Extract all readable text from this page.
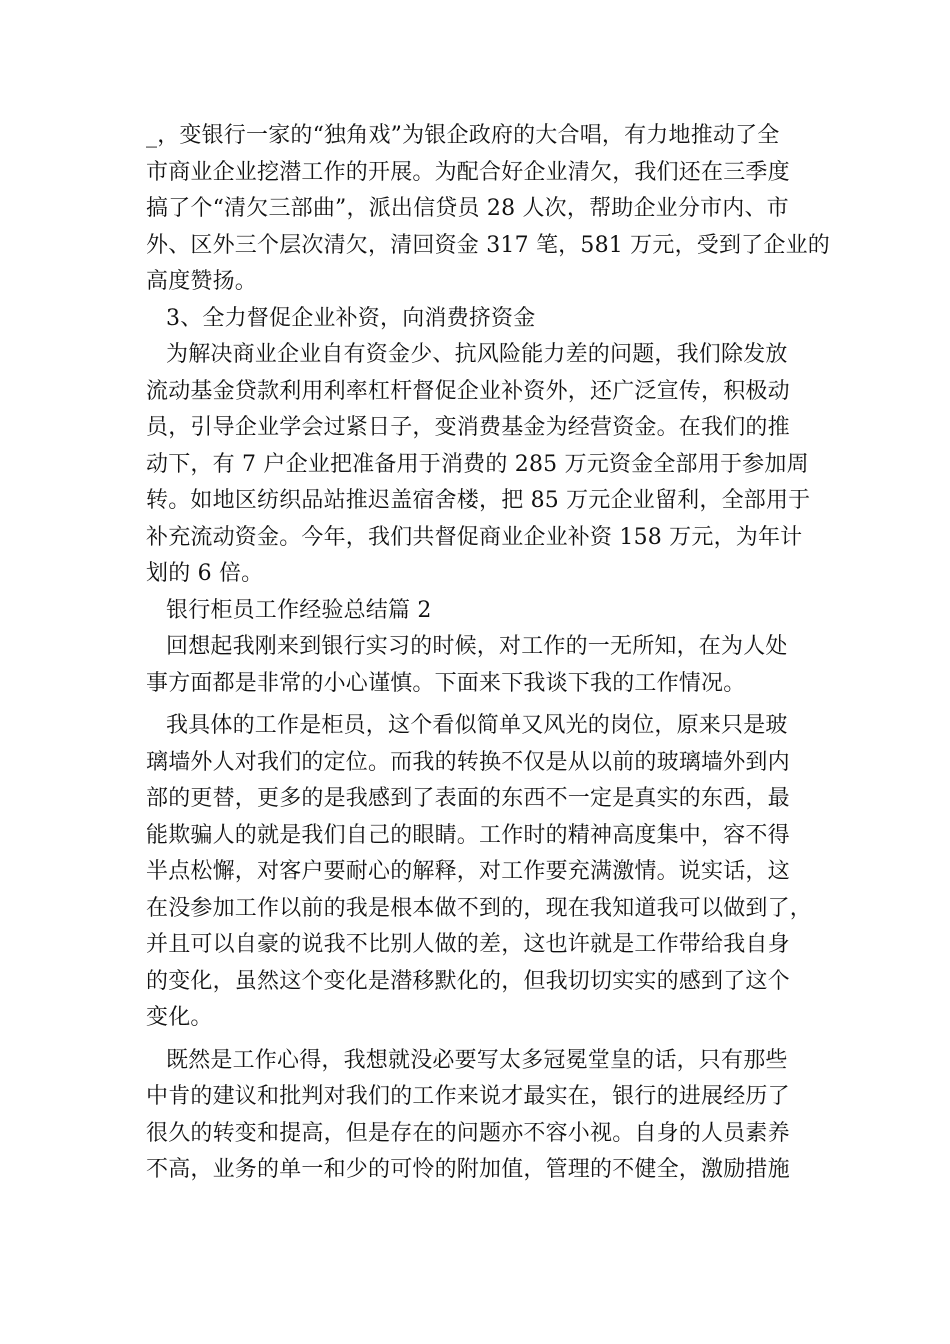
_，变银行一家的“独角戏”为银企政府的大合唱，有力地推动了全
市商业企业挖潜工作的开展。为配合好企业清欠，我们还在三季度
搞了个“清欠三部曲”，派出信贷员 28 人次，帮助企业分市内、市
外、区外三个层次清欠，清回资金 317 笔，581 万元，受到了企业的
高度赞扬。
3、全力督促企业补资，向消费挤资金
为解决商业企业自有资金少、抗风险能力差的问题，我们除发放
流动基金贷款利用利率杠杆督促企业补资外，还广泛宣传，积极动
员，引导企业学会过紧日子，变消费基金为经营资金。在我们的推
动下，有 7 户企业把准备用于消费的 285 万元资金全部用于参加周
转。如地区纺织品站推迟盖宿舍楼，把 85 万元企业留利，全部用于
补充流动资金。今年，我们共督促商业企业补资 158 万元，为年计
划的 6 倍。
银行柜员工作经验总结篇 2
回想起我刚来到银行实习的时候，对工作的一无所知，在为人处
事方面都是非常的小心谨慎。下面来下我谈下我的工作情况。
我具体的工作是柜员，这个看似简单又风光的岗位，原来只是玻
璃墙外人对我们的定位。而我的转换不仅是从以前的玻璃墙外到内
部的更替，更多的是我感到了表面的东西不一定是真实的东西，最
能欺骗人的就是我们自己的眼睛。工作时的精神高度集中，容不得
半点松懈，对客户要耐心的解释，对工作要充满激情。说实话，这
在没参加工作以前的我是根本做不到的，现在我知道我可以做到了，
并且可以自豪的说我不比别人做的差，这也许就是工作带给我自身
的变化，虽然这个变化是潜移默化的，但我切切实实的感到了这个
变化。
既然是工作心得，我想就没必要写太多冠冕堂皇的话，只有那些
中肯的建议和批判对我们的工作来说才最实在，银行的进展经历了
很久的转变和提高，但是存在的问题亦不容小视。自身的人员素养
不高，业务的单一和少的可怜的附加值，管理的不健全，激励措施
